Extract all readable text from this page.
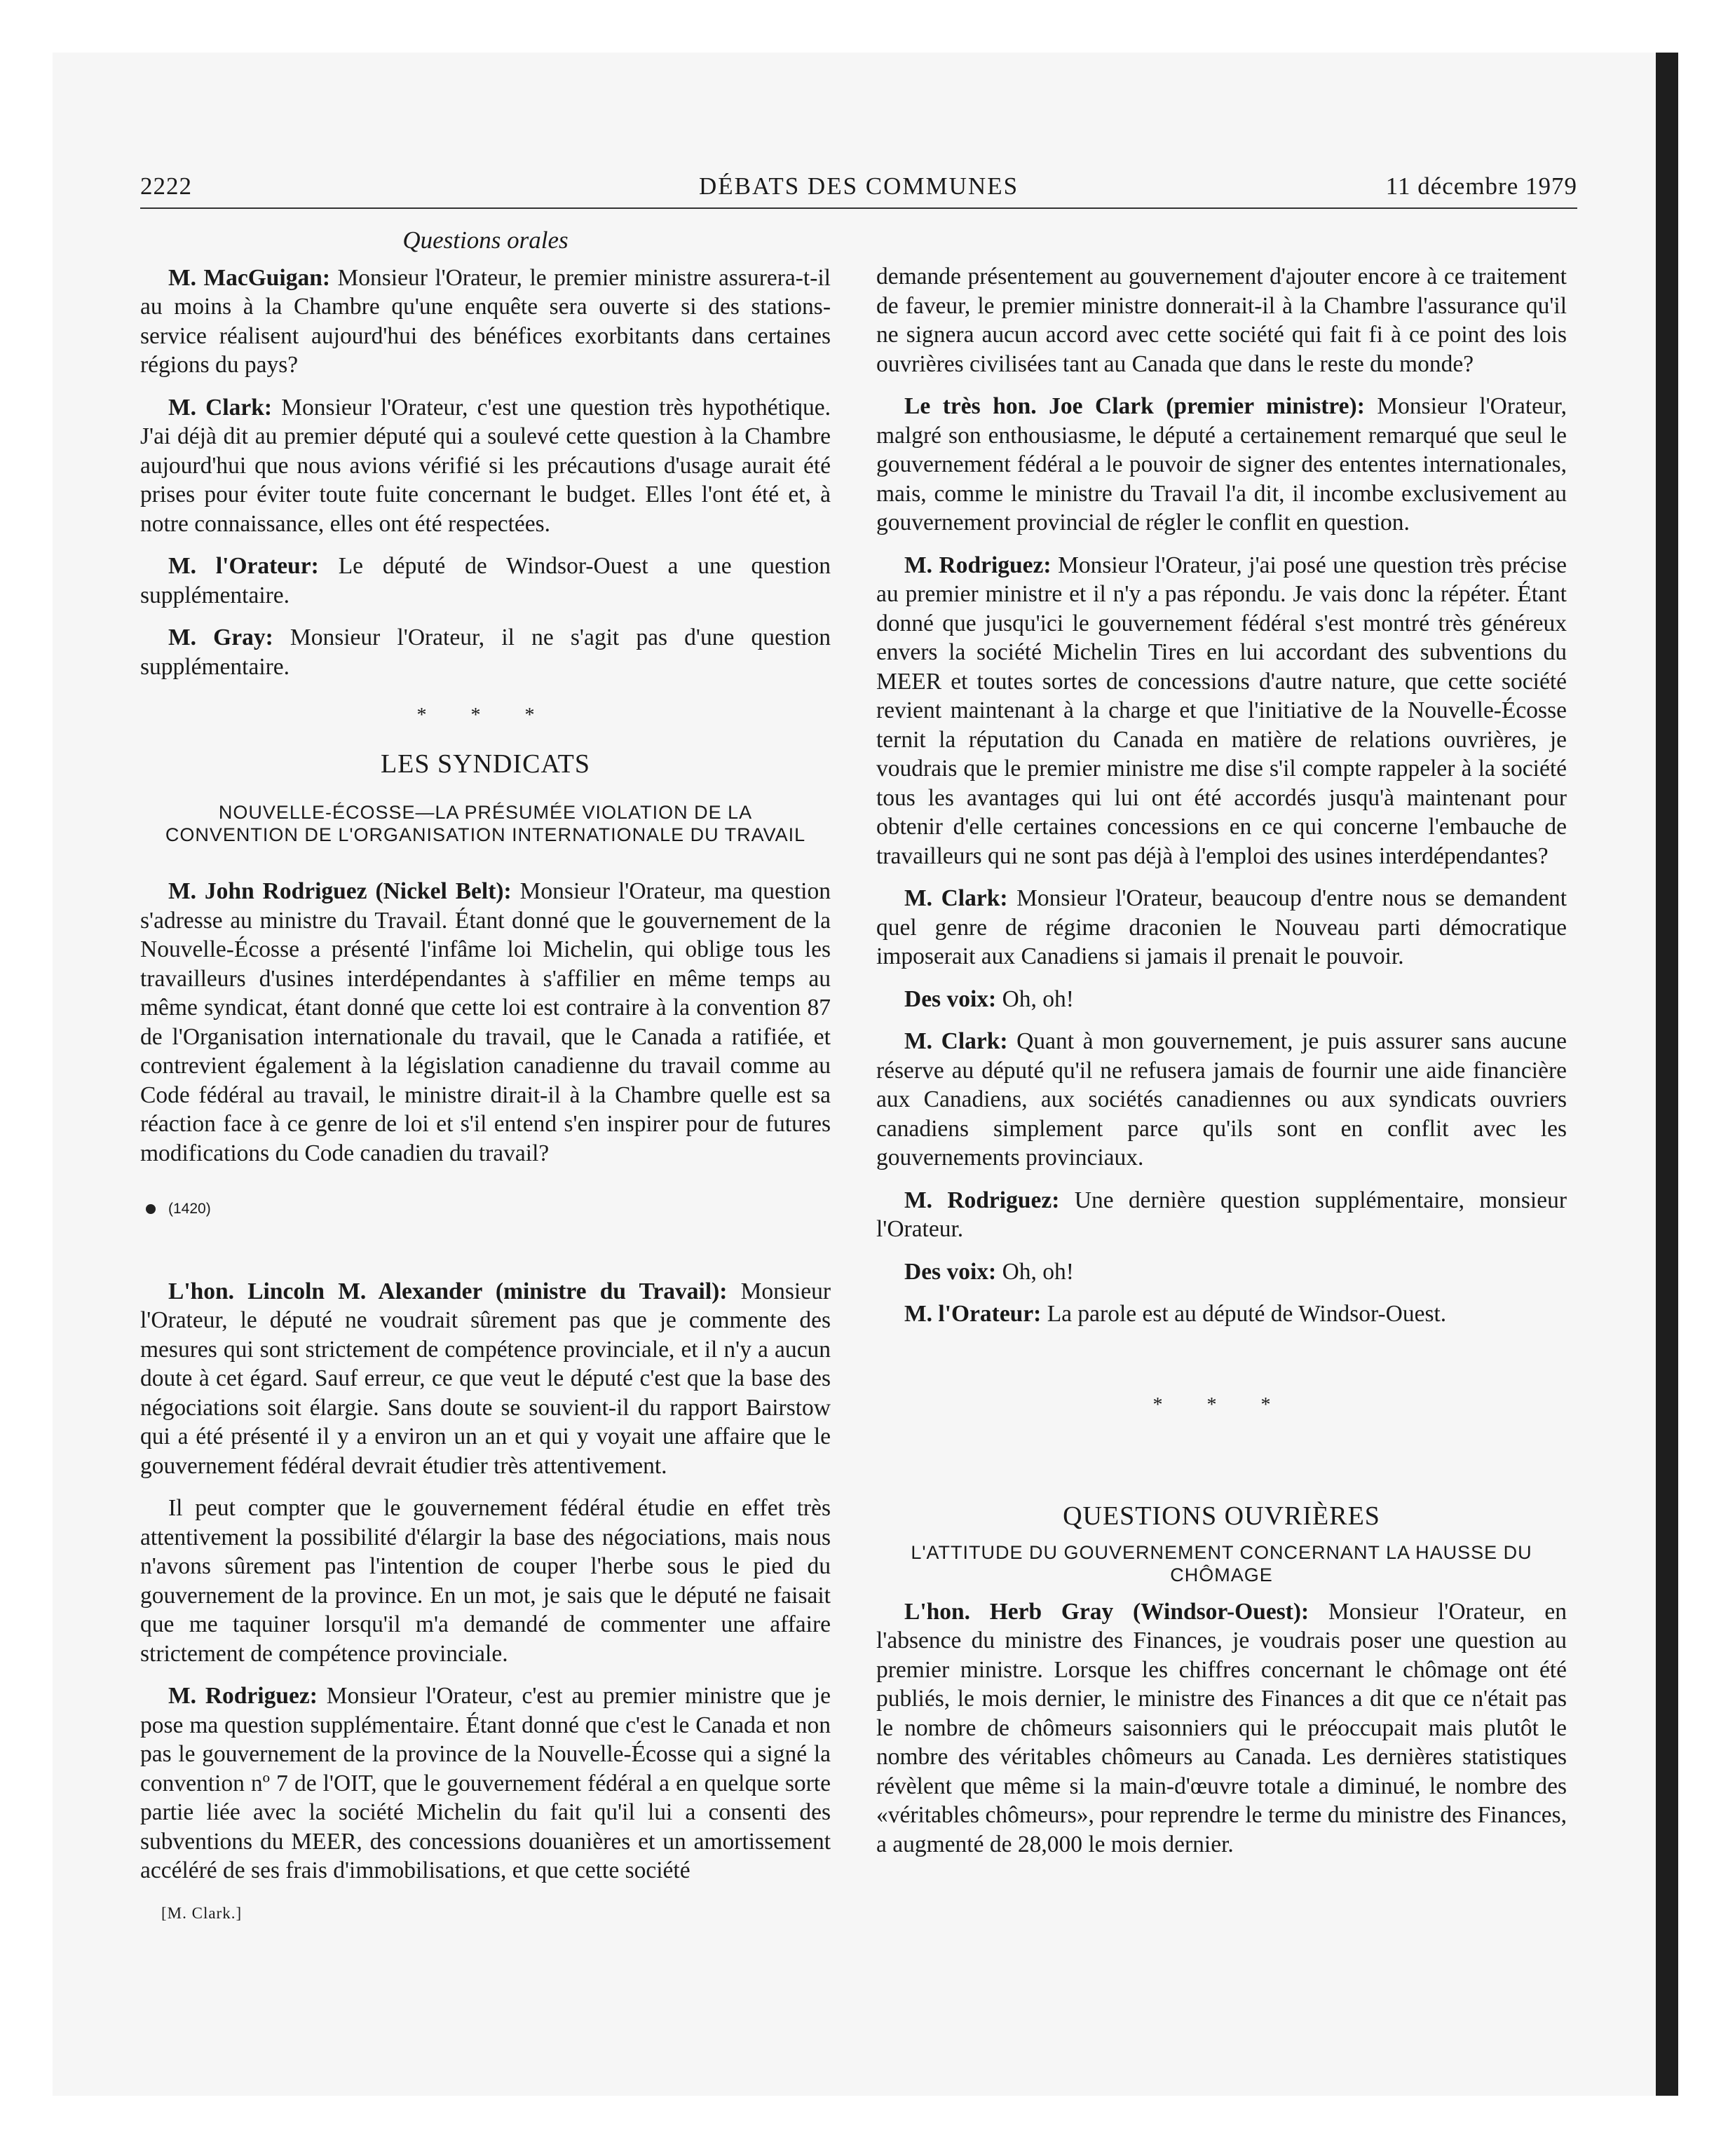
2222	DÉBATS DES COMMUNES	11 décembre 1979
Questions orales

M. MacGuigan: Monsieur l'Orateur, le premier ministre assurera-t-il au moins à la Chambre qu'une enquête sera ouverte si des stations-service réalisent aujourd'hui des bénéfices exorbitants dans certaines régions du pays?

M. Clark: Monsieur l'Orateur, c'est une question très hypothétique. J'ai déjà dit au premier député qui a soulevé cette question à la Chambre aujourd'hui que nous avions vérifié si les précautions d'usage aurait été prises pour éviter toute fuite concernant le budget. Elles l'ont été et, à notre connaissance, elles ont été respectées.

M. l'Orateur: Le député de Windsor-Ouest a une question supplémentaire.

M. Gray: Monsieur l'Orateur, il ne s'agit pas d'une question supplémentaire.

* * *
LES SYNDICATS
NOUVELLE-ÉCOSSE—LA PRÉSUMÉE VIOLATION DE LA CONVENTION DE L'ORGANISATION INTERNATIONALE DU TRAVAIL

M. John Rodriguez (Nickel Belt): Monsieur l'Orateur, ma question s'adresse au ministre du Travail. Étant donné que le gouvernement de la Nouvelle-Écosse a présenté l'infâme loi Michelin, qui oblige tous les travailleurs d'usines interdépendantes à s'affilier en même temps au même syndicat, étant donné que cette loi est contraire à la convention 87 de l'Organisation internationale du travail, que le Canada a ratifiée, et contrevient également à la législation canadienne du travail comme au Code fédéral au travail, le ministre dirait-il à la Chambre quelle est sa réaction face à ce genre de loi et s'il entend s'en inspirer pour de futures modifications du Code canadien du travail?

(1420)

L'hon. Lincoln M. Alexander (ministre du Travail): Monsieur l'Orateur, le député ne voudrait sûrement pas que je commente des mesures qui sont strictement de compétence provinciale, et il n'y a aucun doute à cet égard. Sauf erreur, ce que veut le député c'est que la base des négociations soit élargie. Sans doute se souvient-il du rapport Bairstow qui a été présenté il y a environ un an et qui y voyait une affaire que le gouvernement fédéral devrait étudier très attentivement.

Il peut compter que le gouvernement fédéral étudie en effet très attentivement la possibilité d'élargir la base des négociations, mais nous n'avons sûrement pas l'intention de couper l'herbe sous le pied du gouvernement de la province. En un mot, je sais que le député ne faisait que me taquiner lorsqu'il m'a demandé de commenter une affaire strictement de compétence provinciale.

M. Rodriguez: Monsieur l'Orateur, c'est au premier ministre que je pose ma question supplémentaire. Étant donné que c'est le Canada et non pas le gouvernement de la province de la Nouvelle-Écosse qui a signé la convention nº 7 de l'OIT, que le gouvernement fédéral a en quelque sorte partie liée avec la société Michelin du fait qu'il lui a consenti des subventions du MEER, des concessions douanières et un amortissement accéléré de ses frais d'immobilisations, et que cette société

[M. Clark.]

demande présentement au gouvernement d'ajouter encore à ce traitement de faveur, le premier ministre donnerait-il à la Chambre l'assurance qu'il ne signera aucun accord avec cette société qui fait fi à ce point des lois ouvrières civilisées tant au Canada que dans le reste du monde?

Le très hon. Joe Clark (premier ministre): Monsieur l'Orateur, malgré son enthousiasme, le député a certainement remarqué que seul le gouvernement fédéral a le pouvoir de signer des ententes internationales, mais, comme le ministre du Travail l'a dit, il incombe exclusivement au gouvernement provincial de régler le conflit en question.

M. Rodriguez: Monsieur l'Orateur, j'ai posé une question très précise au premier ministre et il n'y a pas répondu. Je vais donc la répéter. Étant donné que jusqu'ici le gouvernement fédéral s'est montré très généreux envers la société Michelin Tires en lui accordant des subventions du MEER et toutes sortes de concessions d'autre nature, que cette société revient maintenant à la charge et que l'initiative de la Nouvelle-Écosse ternit la réputation du Canada en matière de relations ouvrières, je voudrais que le premier ministre me dise s'il compte rappeler à la société tous les avantages qui lui ont été accordés jusqu'à maintenant pour obtenir d'elle certaines concessions en ce qui concerne l'embauche de travailleurs qui ne sont pas déjà à l'emploi des usines interdépendantes?

M. Clark: Monsieur l'Orateur, beaucoup d'entre nous se demandent quel genre de régime draconien le Nouveau parti démocratique imposerait aux Canadiens si jamais il prenait le pouvoir.

Des voix: Oh, oh!

M. Clark: Quant à mon gouvernement, je puis assurer sans aucune réserve au député qu'il ne refusera jamais de fournir une aide financière aux Canadiens, aux sociétés canadiennes ou aux syndicats ouvriers canadiens simplement parce qu'ils sont en conflit avec les gouvernements provinciaux.

M. Rodriguez: Une dernière question supplémentaire, monsieur l'Orateur.

Des voix: Oh, oh!

M. l'Orateur: La parole est au député de Windsor-Ouest.

* * *
QUESTIONS OUVRIÈRES
L'ATTITUDE DU GOUVERNEMENT CONCERNANT LA HAUSSE DU CHÔMAGE

L'hon. Herb Gray (Windsor-Ouest): Monsieur l'Orateur, en l'absence du ministre des Finances, je voudrais poser une question au premier ministre. Lorsque les chiffres concernant le chômage ont été publiés, le mois dernier, le ministre des Finances a dit que ce n'était pas le nombre de chômeurs saisonniers qui le préoccupait mais plutôt le nombre des véritables chômeurs au Canada. Les dernières statistiques révèlent que même si la main-d'œuvre totale a diminué, le nombre des «véritables chômeurs», pour reprendre le terme du ministre des Finances, a augmenté de 28,000 le mois dernier.
